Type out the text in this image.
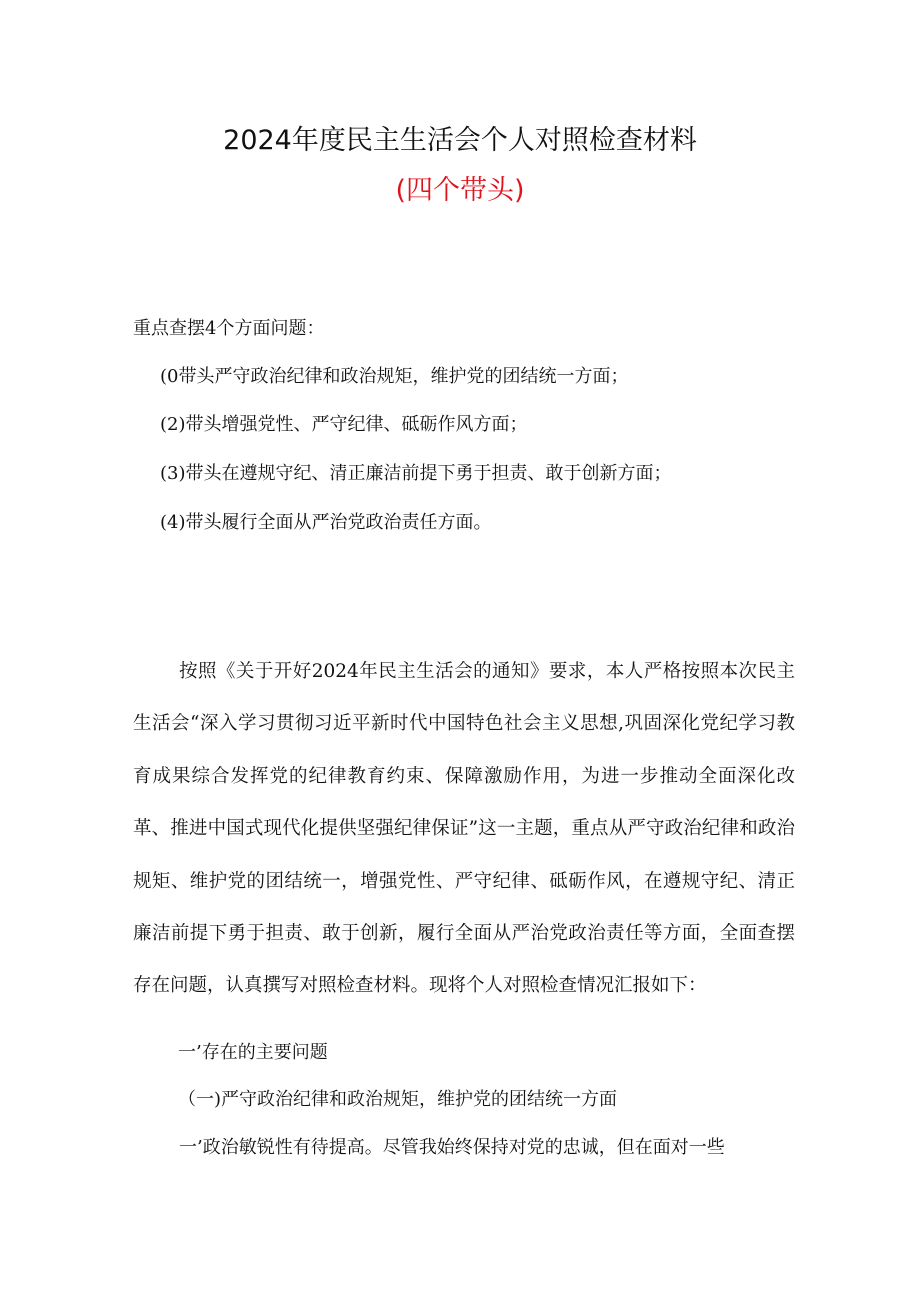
2024年度民主生活会个人对照检查材料
(四个带头)
重点查摆4个方面问题：
(0带头严守政治纪律和政治规矩，维护党的团结统一方面；
(2)带头增强党性、严守纪律、砥砺作风方面；
(3)带头在遵规守纪、清正廉洁前提下勇于担责、敢于创新方面；
(4)带头履行全面从严治党政治责任方面。
按照《关于开好2024年民主生活会的通知》要求，本人严格按照本次民主生活会“深入学习贯彻习近平新时代中国特色社会主义思想,巩固深化党纪学习教育成果综合发挥党的纪律教育约束、保障激励作用，为进一步推动全面深化改革、推进中国式现代化提供坚强纪律保证”这一主题，重点从严守政治纪律和政治规矩、维护党的团结统一，增强党性、严守纪律、砥砺作风，在遵规守纪、清正廉洁前提下勇于担责、敢于创新，履行全面从严治党政治责任等方面，全面查摆存在问题，认真撰写对照检查材料。现将个人对照检查情况汇报如下：
一’存在的主要问题
（一)严守政治纪律和政治规矩，维护党的团结统一方面
一’政治敏锐性有待提高。尽管我始终保持对党的忠诚，但在面对一些
